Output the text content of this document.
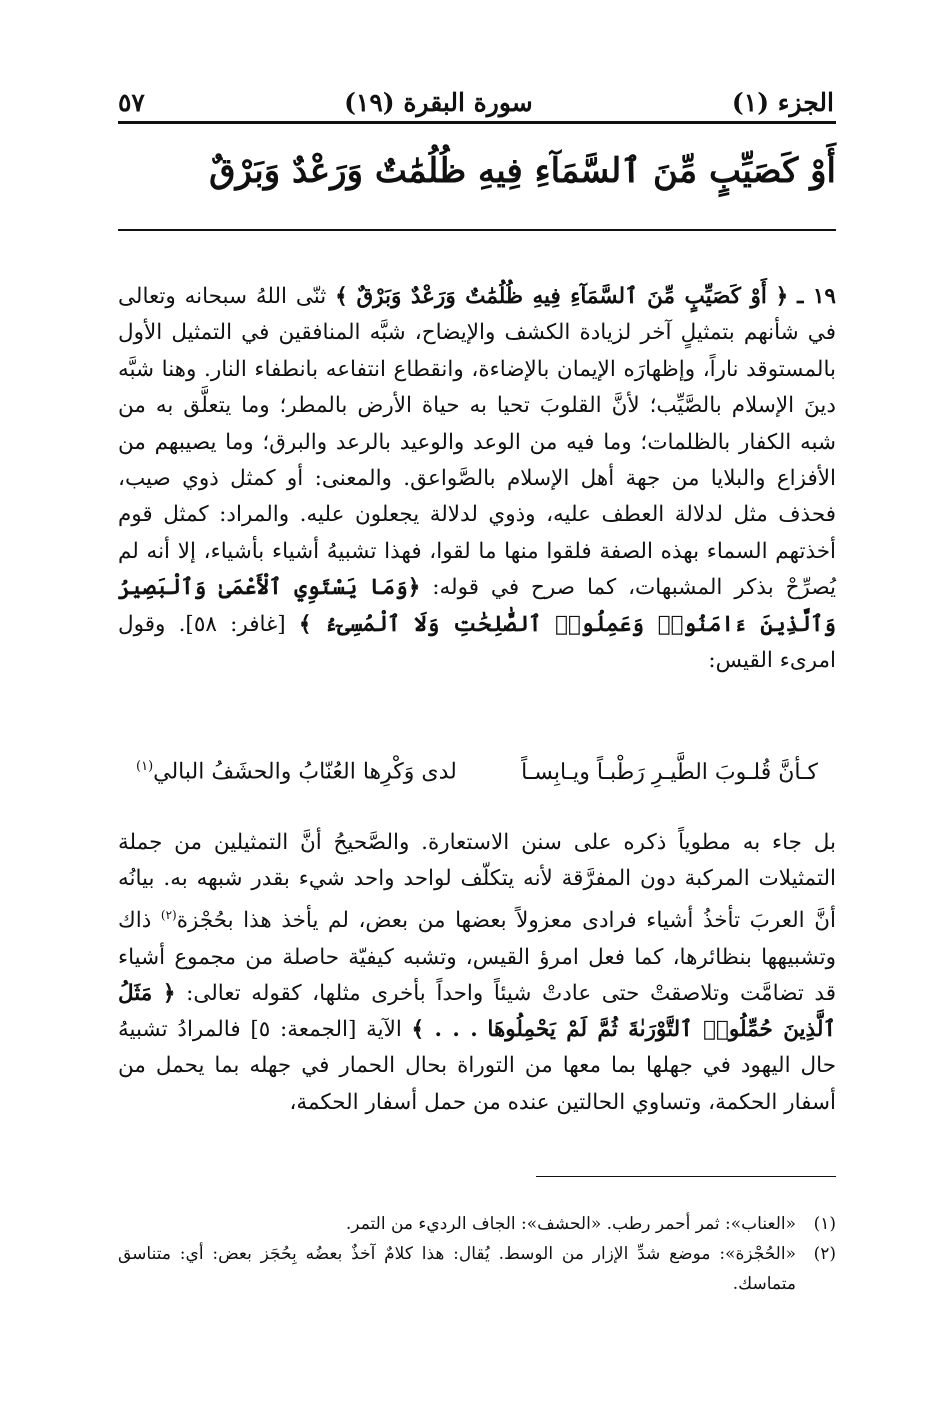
الجزء (١)
سورة البقرة (١٩)
٥٧
أَوْ كَصَيِّبٍ مِّنَ ٱلسَّمَآءِ فِيهِ ظُلُمَٰتٌ وَرَعْدٌ وَبَرْقٌ

١٩ ـ ﴿ أَوْ كَصَيِّبٍ مِّنَ ٱلسَّمَآءِ فِيهِ ظُلُمَٰتٌ وَرَعْدٌ وَبَرْقٌ ﴾ ثنّى اللهُ سبحانه وتعالى في شأنهم بتمثيلٍ آخر لزيادة الكشف والإيضاح، شبَّه المنافقين في التمثيل الأول بالمستوقد ناراً، وإظهارَه الإيمان بالإضاءة، وانقطاع انتفاعه بانطفاء النار. وهنا شبَّه دينَ الإسلام بالصَّيِّب؛ لأنَّ القلوبَ تحيا به حياة الأرض بالمطر؛ وما يتعلَّق به من شبه الكفار بالظلمات؛ وما فيه من الوعد والوعيد بالرعد والبرق؛ وما يصيبهم من الأفزاع والبلايا من جهة أهل الإسلام بالصَّواعق. والمعنى: أو كمثل ذوي صيب، فحذف مثل لدلالة العطف عليه، وذوي لدلالة يجعلون عليه. والمراد: كمثل قوم أخذتهم السماء بهذه الصفة فلقوا منها ما لقوا، فهذا تشبيهُ أشياء بأشياء، إلا أنه لم يُصرِّحْ بذكر المشبهات، كما صرح في قوله: ﴿وَمَا يَسْتَوِي ٱلْأَعْمَىٰ وَٱلْبَصِيرُ وَٱلَّذِينَ ءَامَنُوا۟ وَعَمِلُوا۟ ٱلصَّٰلِحَٰتِ وَلَا ٱلْمُسِىٓءُ ﴾ [غافر: ٥٨]. وقول امرىء القيس:

كـأنَّ قُلـوبَ الطَّيـرِ رَطْبـاً ويـابِسـاً
لدى وَكْرِها العُنّابُ والحشَفُ البالي$^{(١)}$

بل جاء به مطوياً ذكره على سنن الاستعارة. والصَّحيحُ أنَّ التمثيلين من جملة التمثيلات المركبة دون المفرَّقة لأنه يتكلّف لواحد واحد شيء بقدر شبهه به. بيانُه أنَّ العربَ تأخذُ أشياء فرادى معزولاً بعضها من بعض، لم يأخذ هذا بحُجْزة$^{(٢)}$ ذاك وتشبيهها بنظائرها، كما فعل امرؤ القيس، وتشبه كيفيّة حاصلة من مجموع أشياء قد تضامَّت وتلاصقتْ حتى عادتْ شيئاً واحداً بأخرى مثلها، كقوله تعالى: ﴿ مَثَلُ ٱلَّذِينَ حُمِّلُوا۟ ٱلتَّوْرَىٰةَ ثُمَّ لَمْ يَحْمِلُوهَا . . . ﴾ الآية [الجمعة: ٥] فالمرادُ تشبيهُ حال اليهود في جهلها بما معها من التوراة بحال الحمار في جهله بما يحمل من أسفار الحكمة، وتساوي الحالتين عنده من حمل أسفار الحكمة،

(١)
«العناب»: ثمر أحمر رطب. «الحشف»: الجاف الرديء من التمر.
(٢)
«الحُجْزة»: موضع شدِّ الإزار من الوسط. يُقال: هذا كلامٌ آخذٌ بعضُه بِحُجَز بعض: أي: متناسق متماسك.
